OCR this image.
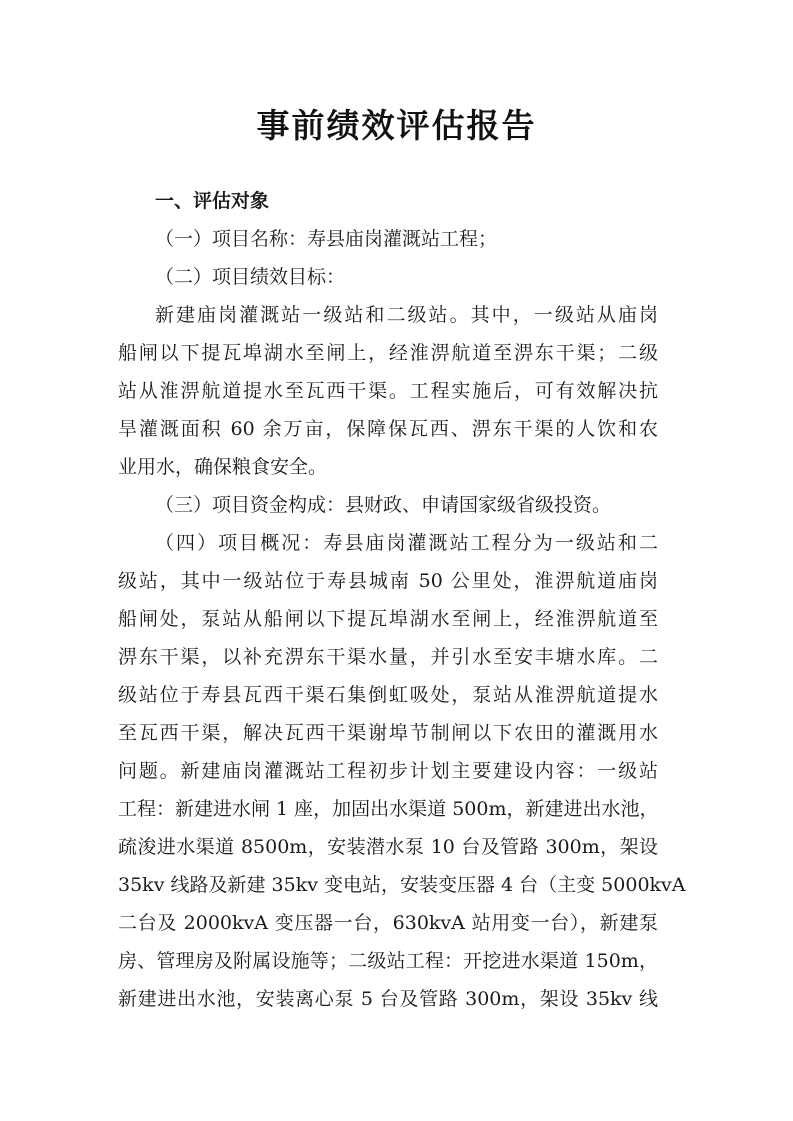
事前绩效评估报告
一、评估对象
（一）项目名称：寿县庙岗灌溉站工程；
（二）项目绩效目标：
新建庙岗灌溉站一级站和二级站。其中，一级站从庙岗
船闸以下提瓦埠湖水至闸上，经淮淠航道至淠东干渠；二级
站从淮淠航道提水至瓦西干渠。工程实施后，可有效解决抗
旱灌溉面积 60 余万亩，保障保瓦西、淠东干渠的人饮和农
业用水，确保粮食安全。
（三）项目资金构成：县财政、申请国家级省级投资。
（四）项目概况：寿县庙岗灌溉站工程分为一级站和二
级站，其中一级站位于寿县城南 50 公里处，淮淠航道庙岗
船闸处，泵站从船闸以下提瓦埠湖水至闸上，经淮淠航道至
淠东干渠，以补充淠东干渠水量，并引水至安丰塘水库。二
级站位于寿县瓦西干渠石集倒虹吸处，泵站从淮淠航道提水
至瓦西干渠，解决瓦西干渠谢埠节制闸以下农田的灌溉用水
问题。新建庙岗灌溉站工程初步计划主要建设内容：一级站
工程：新建进水闸 1 座，加固出水渠道 500m，新建进出水池，
疏浚进水渠道 8500m，安装潜水泵 10 台及管路 300m，架设
35kv 线路及新建 35kv 变电站，安装变压器 4 台（主变 5000kvA
二台及 2000kvA 变压器一台，630kvA 站用变一台），新建泵
房、管理房及附属设施等；二级站工程：开挖进水渠道 150m，
新建进出水池，安装离心泵 5 台及管路 300m，架设 35kv 线
